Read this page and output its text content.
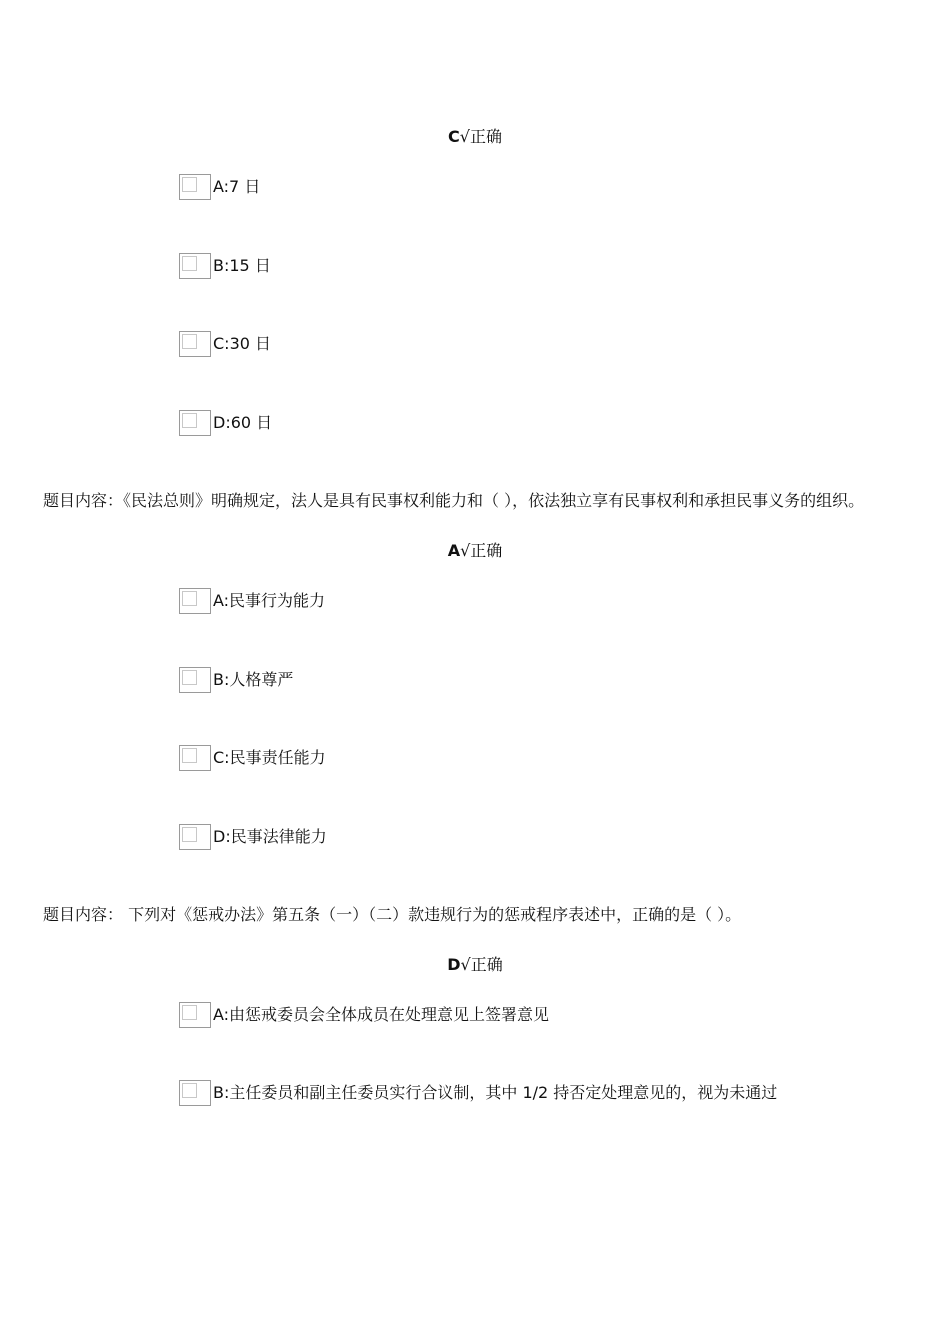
C√正确
A:7 日
B:15 日
C:30 日
D:60 日
题目内容：《民法总则》明确规定，法人是具有民事权利能力和（ ），依法独立享有民事权利和承担民事义务的组织。
A√正确
A:民事行为能力
B:人格尊严
C:民事责任能力
D:民事法律能力
题目内容： 下列对《惩戒办法》第五条（一）（二）款违规行为的惩戒程序表述中，正确的是（ ）。
D√正确
A:由惩戒委员会全体成员在处理意见上签署意见
B:主任委员和副主任委员实行合议制，其中 1/2 持否定处理意见的，视为未通过
